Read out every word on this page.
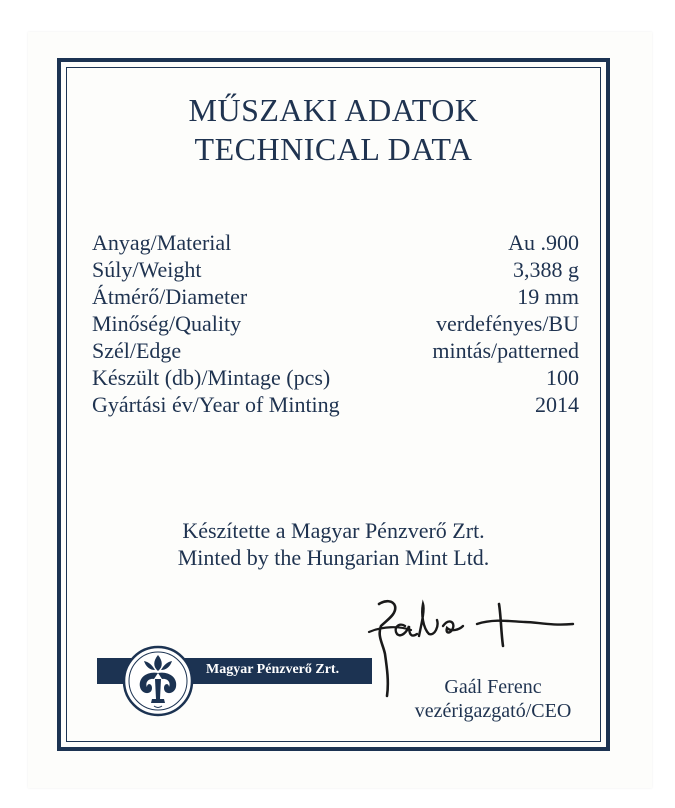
MŰSZAKI ADATOK
TECHNICAL DATA
Anyag/Material	Au .900
Súly/Weight	3,388 g
Átmérő/Diameter	19 mm
Minőség/Quality	verdefényes/BU
Szél/Edge	mintás/patterned
Készült (db)/Mintage (pcs)	100
Gyártási év/Year of Minting	2014
Készítette a Magyar Pénzverő Zrt.
Minted by the Hungarian Mint Ltd.
Magyar Pénzverő Zrt.
Gaál Ferenc
vezérigazgató/CEO
